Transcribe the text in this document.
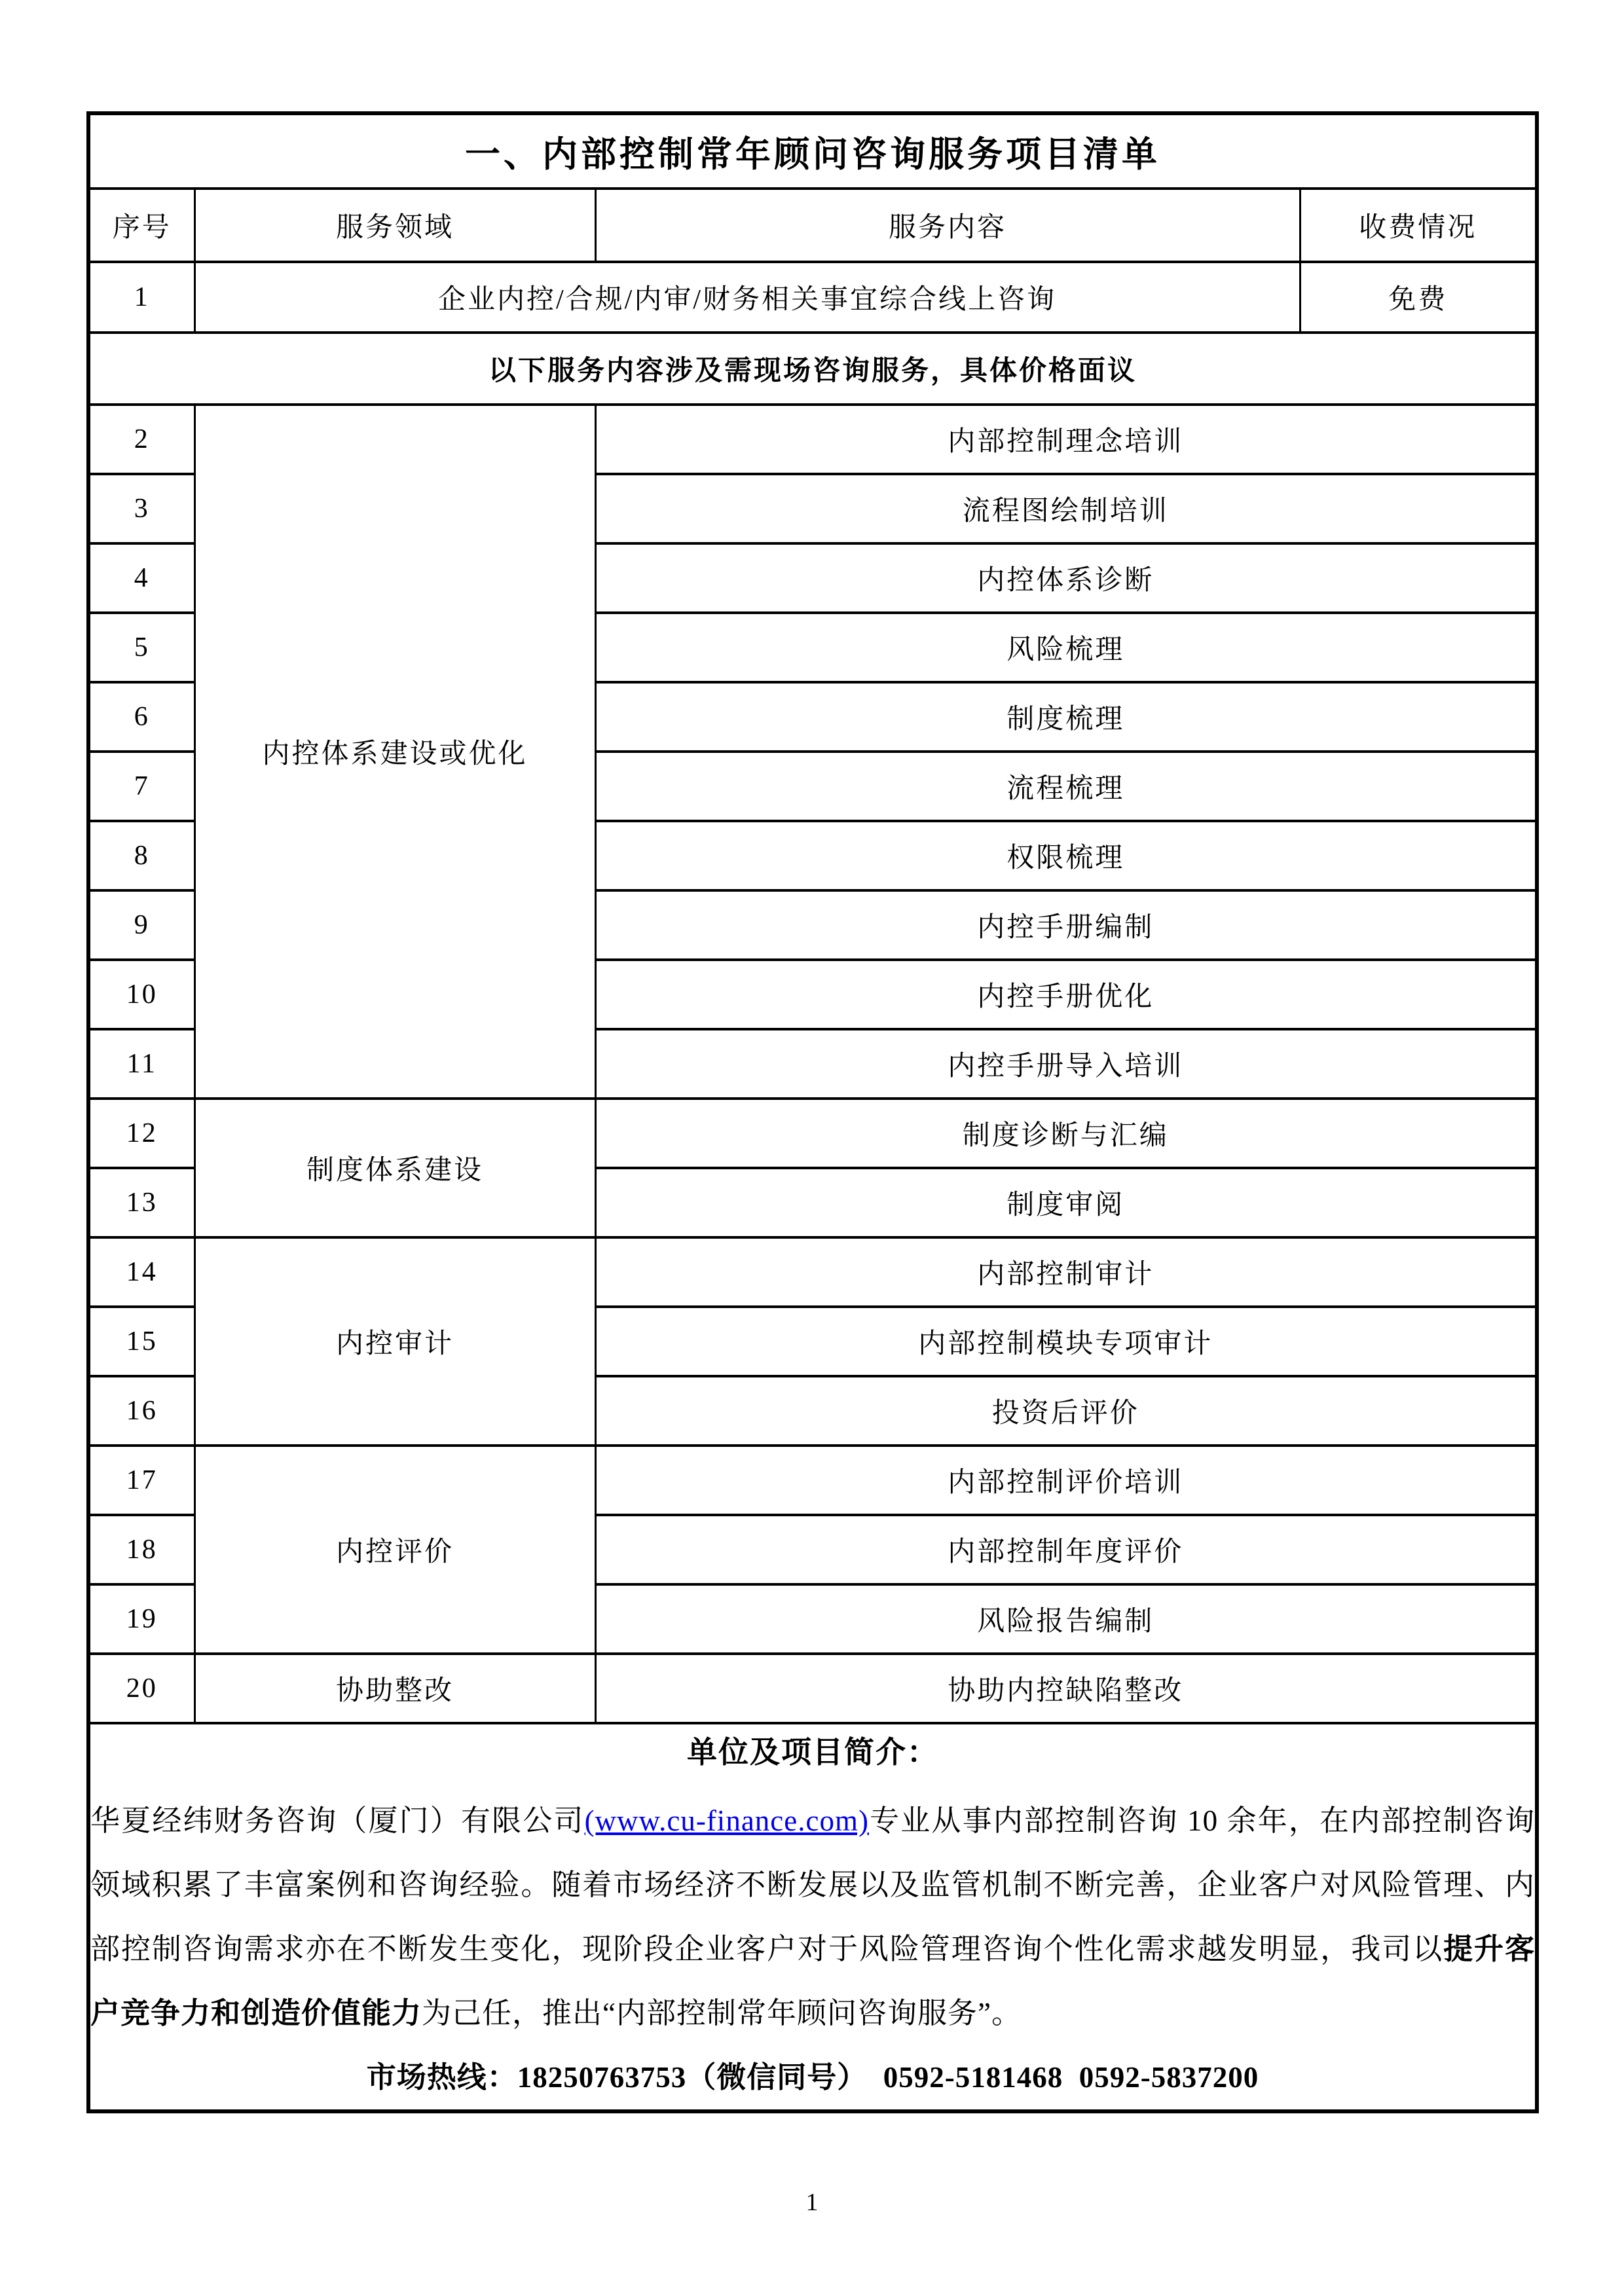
一、内部控制常年顾问咨询服务项目清单			
序号	服务领域	服务内容	收费情况
1	企业内控/合规/内审/财务相关事宜综合线上咨询		免费
以下服务内容涉及需现场咨询服务，具体价格面议			
2	内控体系建设或优化	内部控制理念培训	
3		流程图绘制培训	
4		内控体系诊断	
5		风险梳理	
6		制度梳理	
7		流程梳理	
8		权限梳理	
9		内控手册编制	
10		内控手册优化	
11		内控手册导入培训	
12	制度体系建设	制度诊断与汇编	
13		制度审阅	
14	内控审计	内部控制审计	
15		内部控制模块专项审计	
16		投资后评价	
17	内控评价	内部控制评价培训	
18		内部控制年度评价	
19		风险报告编制	
20	协助整改	协助内控缺陷整改	

单位及项目简介：

华夏经纬财务咨询（厦门）有限公司(www.cu-finance.com)专业从事内部控制咨询 10 余年，在内部控制咨询领域积累了丰富案例和咨询经验。随着市场经济不断发展以及监管机制不断完善，企业客户对风险管理、内部控制咨询需求亦在不断发生变化，现阶段企业客户对于风险管理咨询个性化需求越发明显，我司以提升客户竞争力和创造价值能力为己任，推出“内部控制常年顾问咨询服务”。

市场热线：18250763753（微信同号）  0592-5181468  0592-5837200			

1
